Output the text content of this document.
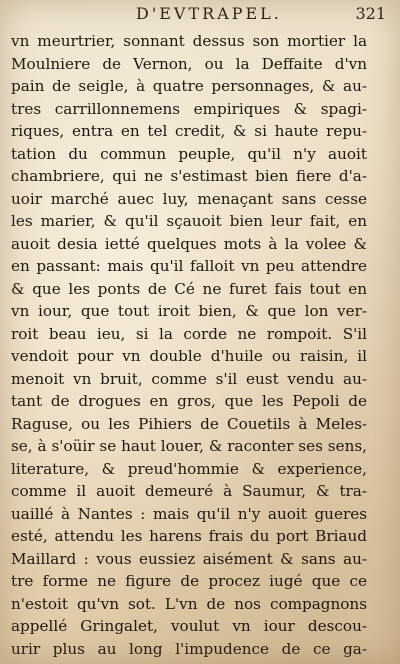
D'EVTRAPEL.	321
vn meurtrier, sonnant dessus son mortier la
Moulniere de Vernon, ou la Deffaite d'vn
pain de seigle, à quatre personnages, & au-
tres carrillonnemens empiriques & spagi-
riques, entra en tel credit, & si haute repu-
tation du commun peuple, qu'il n'y auoit
chambriere, qui ne s'estimast bien fiere d'a-
uoir marché auec luy, menaçant sans cesse
les marier, & qu'il sçauoit bien leur fait, en
auoit desia ietté quelques mots à la volee &
en passant: mais qu'il falloit vn peu attendre
& que les ponts de Cé ne furet fais tout en
vn iour, que tout iroit bien, & que lon ver-
roit beau ieu, si la corde ne rompoit. S'il
vendoit pour vn double d'huile ou raisin, il
menoit vn bruit, comme s'il eust vendu au-
tant de drogues en gros, que les Pepoli de
Raguse, ou les Pihiers de Couetils à Meles-
se, à s'oüir se haut louer, & raconter ses sens,
literature, & preud'hommie & experience,
comme il auoit demeuré à Saumur, & tra-
uaillé à Nantes : mais qu'il n'y auoit gueres
esté, attendu les harens frais du port Briaud
Maillard : vous eussiez aisément & sans au-
tre forme ne figure de procez iugé que ce
n'estoit qu'vn sot. L'vn de nos compagnons
appellé Gringalet, voulut vn iour descou-
urir plus au long l'impudence de ce ga-
